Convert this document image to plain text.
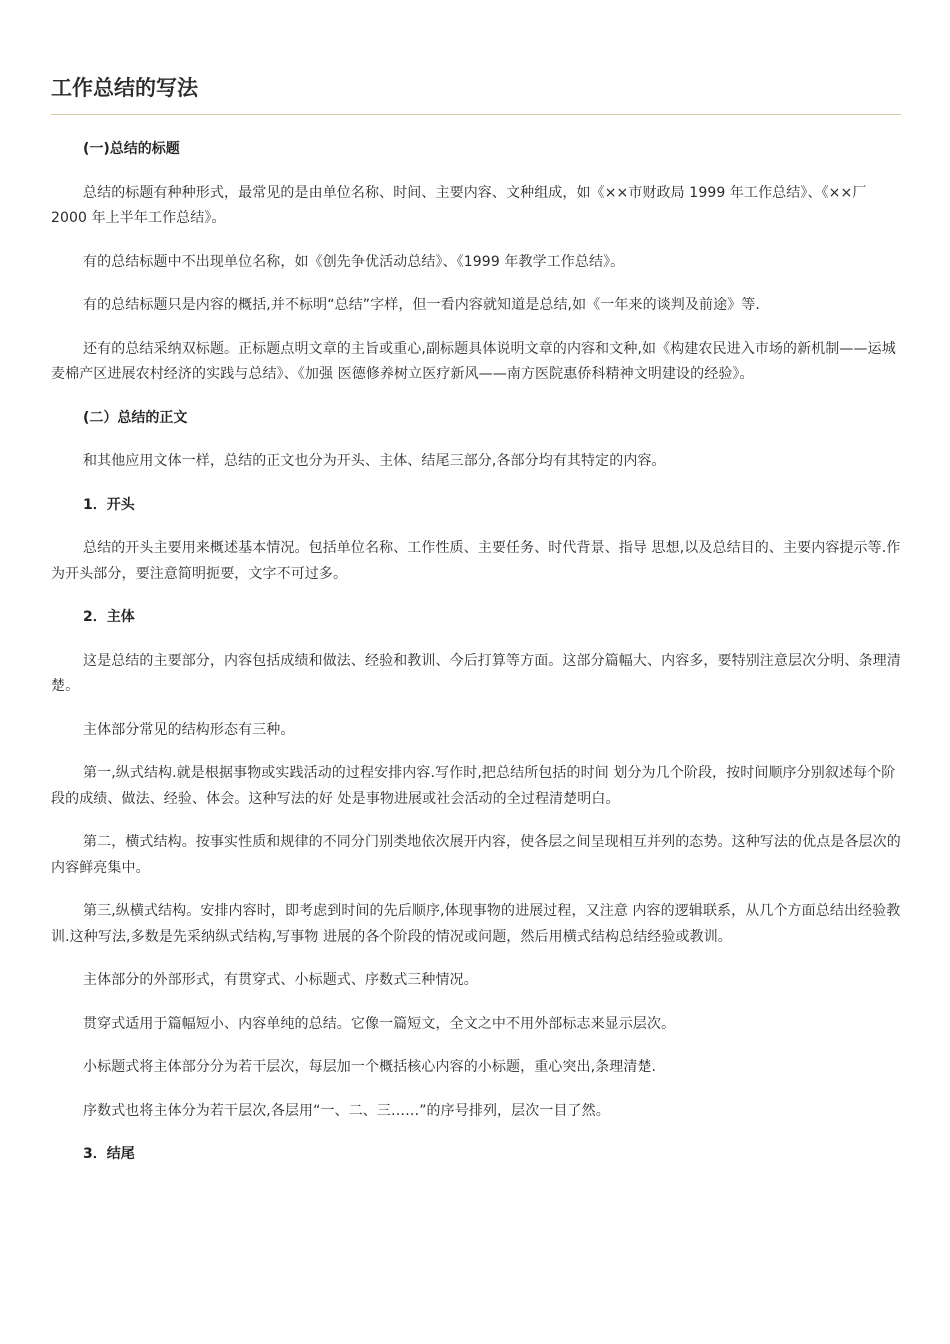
工作总结的写法
(一)总结的标题
总结的标题有种种形式，最常见的是由单位名称、时间、主要内容、文种组成，如《××市财政局 1999 年工作总结》、《××厂 2000 年上半年工作总结》。
有的总结标题中不出现单位名称，如《创先争优活动总结》、《1999 年教学工作总结》。
有的总结标题只是内容的概括,并不标明“总结”字样，但一看内容就知道是总结,如《一年来的谈判及前途》等.
还有的总结采纳双标题。正标题点明文章的主旨或重心,副标题具体说明文章的内容和文种,如《构建农民进入市场的新机制——运城麦棉产区进展农村经济的实践与总结》、《加强 医德修养树立医疗新风——南方医院惠侨科精神文明建设的经验》。
(二）总结的正文
和其他应用文体一样，总结的正文也分为开头、主体、结尾三部分,各部分均有其特定的内容。
1．开头
总结的开头主要用来概述基本情况。包括单位名称、工作性质、主要任务、时代背景、指导 思想,以及总结目的、主要内容提示等.作为开头部分，要注意简明扼要，文字不可过多。
2．主体
这是总结的主要部分，内容包括成绩和做法、经验和教训、今后打算等方面。这部分篇幅大、内容多，要特别注意层次分明、条理清楚。
主体部分常见的结构形态有三种。
第一,纵式结构.就是根据事物或实践活动的过程安排内容.写作时,把总结所包括的时间 划分为几个阶段，按时间顺序分别叙述每个阶段的成绩、做法、经验、体会。这种写法的好 处是事物进展或社会活动的全过程清楚明白。
第二，横式结构。按事实性质和规律的不同分门别类地依次展开内容，使各层之间呈现相互并列的态势。这种写法的优点是各层次的内容鲜亮集中。
第三,纵横式结构。安排内容时，即考虑到时间的先后顺序,体现事物的进展过程，又注意 内容的逻辑联系，从几个方面总结出经验教训.这种写法,多数是先采纳纵式结构,写事物 进展的各个阶段的情况或问题，然后用横式结构总结经验或教训。
主体部分的外部形式，有贯穿式、小标题式、序数式三种情况。
贯穿式适用于篇幅短小、内容单纯的总结。它像一篇短文，全文之中不用外部标志来显示层次。
小标题式将主体部分分为若干层次，每层加一个概括核心内容的小标题，重心突出,条理清楚.
序数式也将主体分为若干层次,各层用“一、二、三……”的序号排列，层次一目了然。
3．结尾
